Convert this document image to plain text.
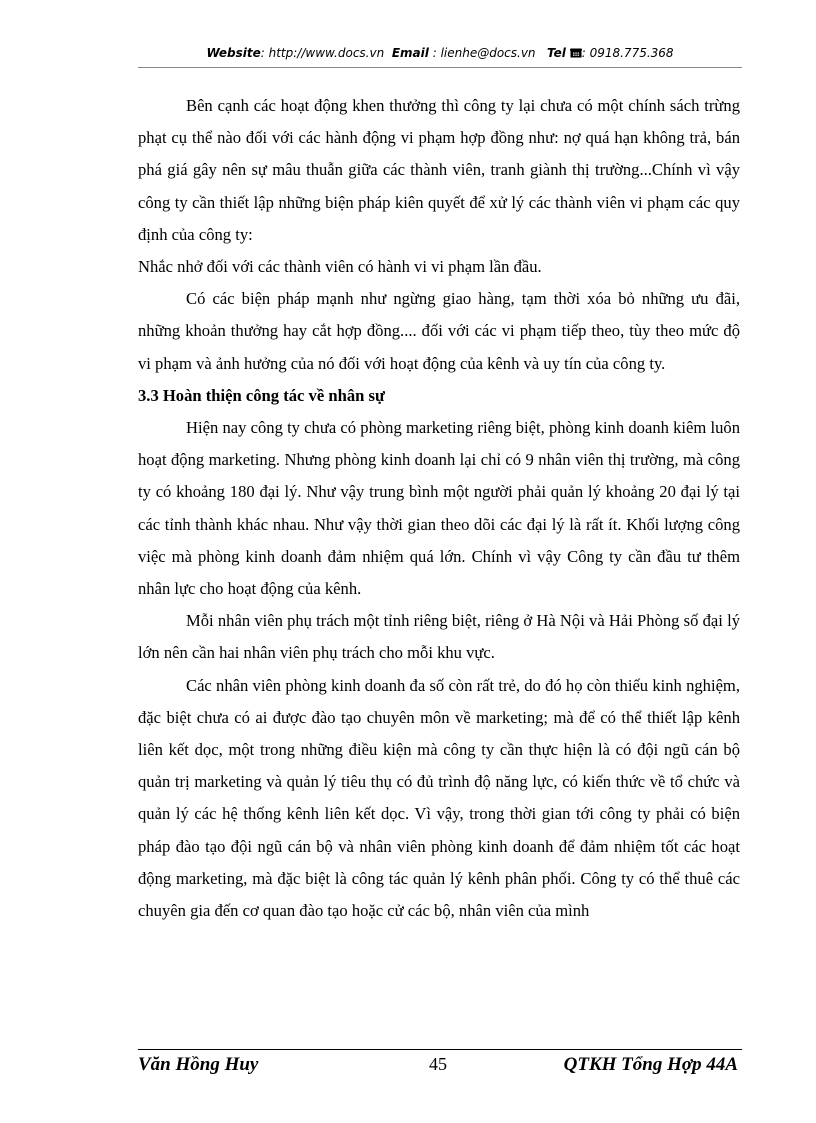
Website: http://www.docs.vn Email : lienhe@docs.vn Tel : 0918.775.368

Bên cạnh các hoạt động khen thưởng thì công ty lại chưa có một chính sách trừng phạt cụ thể nào đối với các hành động vi phạm hợp đồng như: nợ quá hạn không trả, bán phá giá gây nên sự mâu thuẫn giữa các thành viên, tranh giành thị trường...Chính vì vậy công ty cần thiết lập những biện pháp kiên quyết để xử lý các thành viên vi phạm các quy định của công ty:

Nhắc nhở đối với các thành viên có hành vi vi phạm lần đầu.

Có các biện pháp mạnh như ngừng giao hàng, tạm thời xóa bỏ những ưu đãi, những khoản thưởng hay cắt hợp đồng.... đối với các vi phạm tiếp theo, tùy theo mức độ vi phạm và ảnh hưởng của nó đối với hoạt động của kênh và uy tín của công ty.

3.3 Hoàn thiện công tác về nhân sự

Hiện nay công ty chưa có phòng marketing riêng biệt, phòng kinh doanh kiêm luôn hoạt động marketing. Nhưng phòng kinh doanh lại chỉ có 9 nhân viên thị trường, mà công ty có khoảng 180 đại lý. Như vậy trung bình một người phải quản lý khoảng 20 đại lý tại các tỉnh thành khác nhau. Như vậy thời gian theo dõi các đại lý là rất ít. Khối lượng công việc mà phòng kinh doanh đảm nhiệm quá lớn. Chính vì vậy Công ty cần đầu tư thêm nhân lực cho hoạt động của kênh.

Mỗi nhân viên phụ trách một tỉnh riêng biệt, riêng ở Hà Nội và Hải Phòng số đại lý lớn nên cần hai nhân viên phụ trách cho mỗi khu vực.

Các nhân viên phòng kinh doanh đa số còn rất trẻ, do đó họ còn thiếu kinh nghiệm, đặc biệt chưa có ai được đào tạo chuyên môn về marketing; mà để có thể thiết lập kênh liên kết dọc, một trong những điều kiện mà công ty cần thực hiện là có đội ngũ cán bộ quản trị marketing và quản lý tiêu thụ có đủ trình độ năng lực, có kiến thức về tổ chức và quản lý các hệ thống kênh liên kết dọc. Vì vậy, trong thời gian tới công ty phải có biện pháp đào tạo đội ngũ cán bộ và nhân viên phòng kinh doanh để đảm nhiệm tốt các hoạt động marketing, mà đặc biệt là công tác quản lý kênh phân phối. Công ty có thể thuê các chuyên gia đến cơ quan đào tạo hoặc cử các bộ, nhân viên của mình

Văn Hồng Huy	45	QTKH Tổng Hợp 44A
